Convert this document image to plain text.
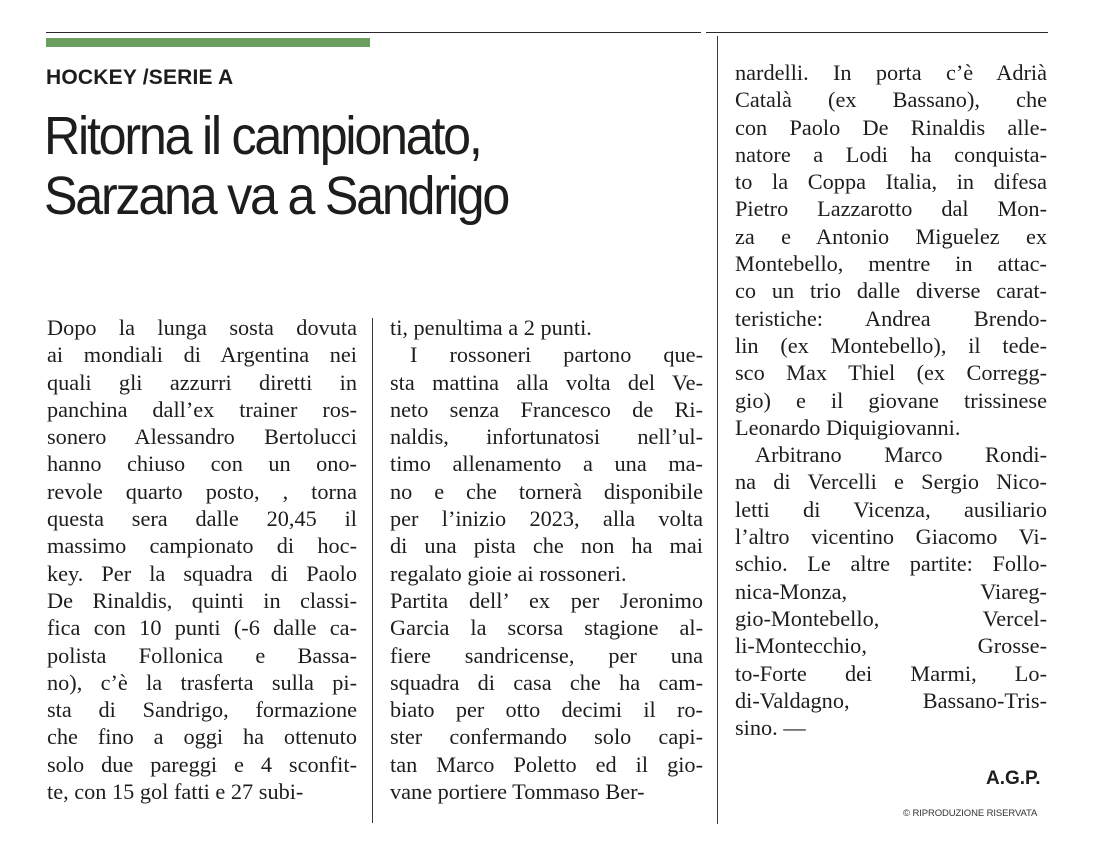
HOCKEY /SERIE A
Ritorna il campionato,
Sarzana va a Sandrigo
Dopo la lunga sosta dovuta
ai mondiali di Argentina nei
quali gli azzurri diretti in
panchina dall’ex trainer ros-
sonero Alessandro Bertolucci
hanno chiuso con un ono-
revole quarto posto, , torna
questa sera dalle 20,45 il
massimo campionato di hoc-
key. Per la squadra di Paolo
De Rinaldis, quinti in classi-
fica con 10 punti (-6 dalle ca-
polista Follonica e Bassa-
no), c’è la trasferta sulla pi-
sta di Sandrigo, formazione
che fino a oggi ha ottenuto
solo due pareggi e 4 sconfit-
te, con 15 gol fatti e 27 subi-
ti, penultima a 2 punti.
I rossoneri partono que-
sta mattina alla volta del Ve-
neto senza Francesco de Ri-
naldis, infortunatosi nell’ul-
timo allenamento a una ma-
no e che tornerà disponibile
per l’inizio 2023, alla volta
di una pista che non ha mai
regalato gioie ai rossoneri.
Partita dell’ ex per Jeronimo
Garcia la scorsa stagione al-
fiere sandricense, per una
squadra di casa che ha cam-
biato per otto decimi il ro-
ster confermando solo capi-
tan Marco Poletto ed il gio-
vane portiere Tommaso Ber-
nardelli. In porta c’è Adrià
Català (ex Bassano), che
con Paolo De Rinaldis alle-
natore a Lodi ha conquista-
to la Coppa Italia, in difesa
Pietro Lazzarotto dal Mon-
za e Antonio Miguelez ex
Montebello, mentre in attac-
co un trio dalle diverse carat-
teristiche: Andrea Brendo-
lin (ex Montebello), il tede-
sco Max Thiel (ex Corregg-
gio) e il giovane trissinese
Leonardo Diquigiovanni.
Arbitrano Marco Rondi-
na di Vercelli e Sergio Nico-
letti di Vicenza, ausiliario
l’altro vicentino Giacomo Vi-
schio. Le altre partite: Follo-
nica-Monza, Viareg-
gio-Montebello, Vercel-
li-Montecchio, Grosse-
to-Forte dei Marmi, Lo-
di-Valdagno, Bassano-Tris-
sino. —
A.G.P.
© RIPRODUZIONE RISERVATA
